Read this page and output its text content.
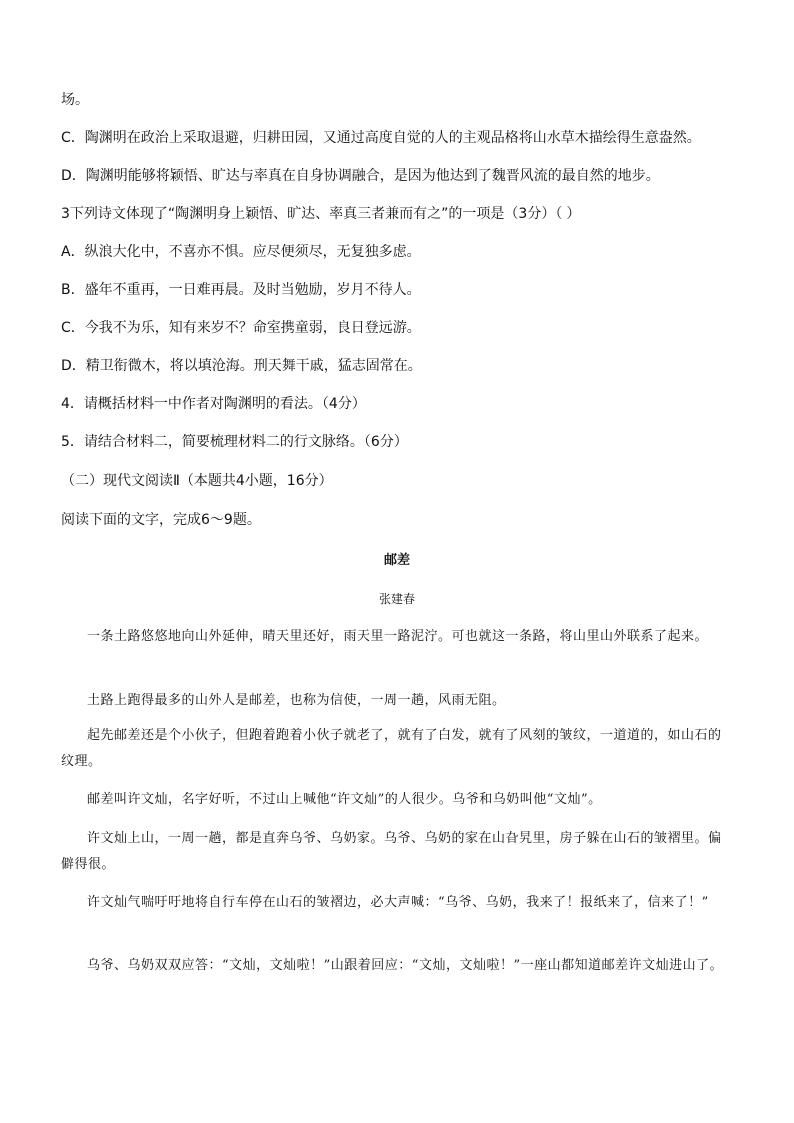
场。
C．陶渊明在政治上采取退避，归耕田园，又通过高度自觉的人的主观品格将山水草木描绘得生意盎然。
D．陶渊明能够将颖悟、旷达与率真在自身协调融合，是因为他达到了魏晋风流的最自然的地步。
3下列诗文体现了“陶渊明身上颖悟、旷达、率真三者兼而有之”的一项是（3分）（ ）
A．纵浪大化中，不喜亦不惧。应尽便须尽，无复独多虑。
B．盛年不重再，一日难再晨。及时当勉励，岁月不待人。
C．今我不为乐，知有来岁不？命室携童弱，良日登远游。
D．精卫衔微木，将以填沧海。刑天舞干戚，猛志固常在。
4．请概括材料一中作者对陶渊明的看法。（4分）
5．请结合材料二，简要梳理材料二的行文脉络。（6分）
（二）现代文阅读Ⅱ（本题共4小题，16分）
阅读下面的文字，完成6～9题。
邮差
张建春
一条土路悠悠地向山外延伸，晴天里还好，雨天里一路泥泞。可也就这一条路，将山里山外联系了起来。
土路上跑得最多的山外人是邮差，也称为信使，一周一趟，风雨无阻。
起先邮差还是个小伙子，但跑着跑着小伙子就老了，就有了白发，就有了风刻的皱纹，一道道的，如山石的纹理。
邮差叫许文灿，名字好听，不过山上喊他“许文灿”的人很少。乌爷和乌奶叫他“文灿”。
许文灿上山，一周一趟，都是直奔乌爷、乌奶家。乌爷、乌奶的家在山旮旯里，房子躲在山石的皱褶里。偏僻得很。
许文灿气喘吁吁地将自行车停在山石的皱褶边，必大声喊：“乌爷、乌奶，我来了！报纸来了，信来了！”
乌爷、乌奶双双应答：“文灿，文灿啦！”山跟着回应：“文灿，文灿啦！”一座山都知道邮差许文灿进山了。
